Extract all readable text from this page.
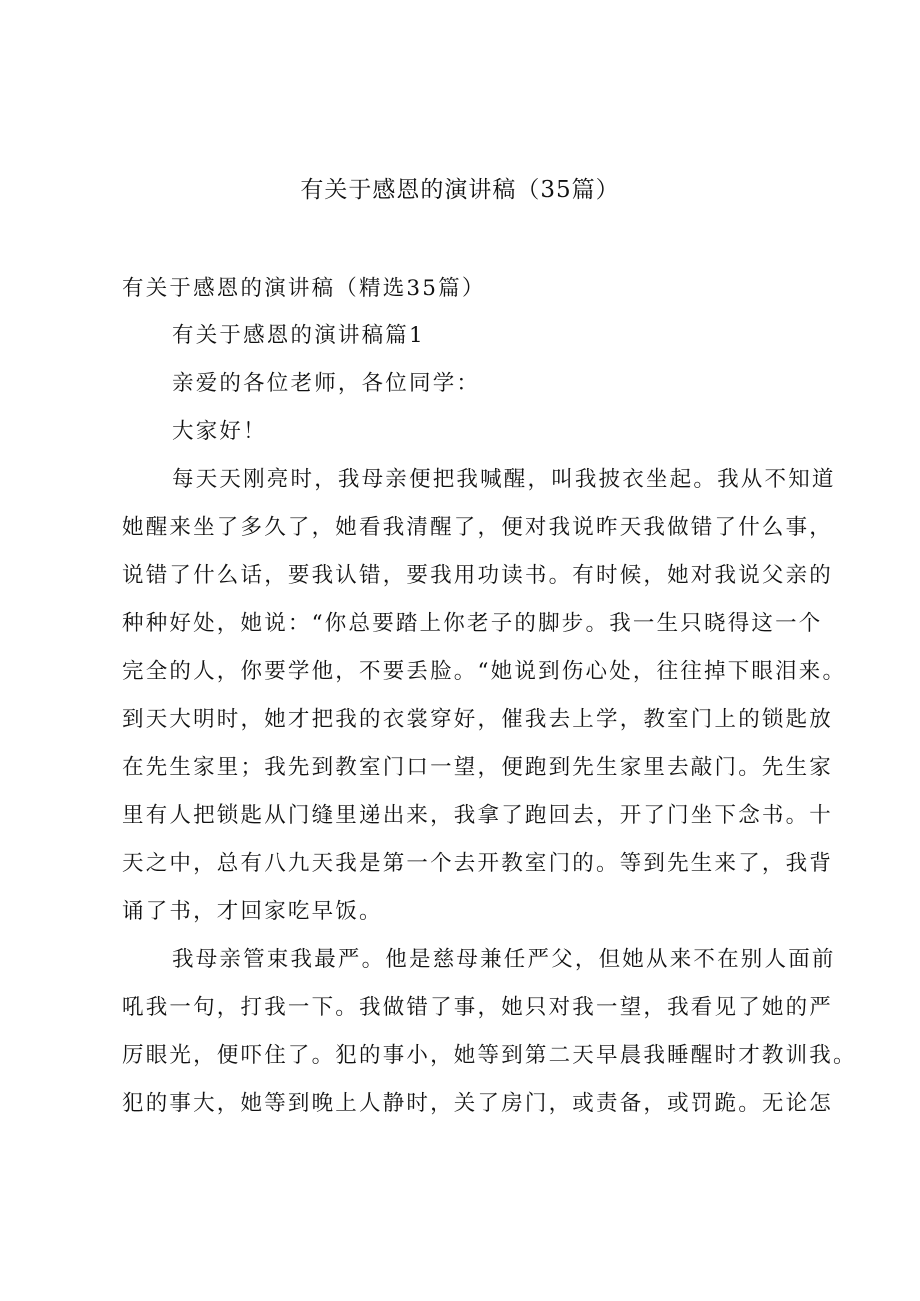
有关于感恩的演讲稿（35篇）
有关于感恩的演讲稿（精选35篇）
有关于感恩的演讲稿篇1
亲爱的各位老师，各位同学：
大家好！
每天天刚亮时，我母亲便把我喊醒，叫我披衣坐起。我从不知道
她醒来坐了多久了，她看我清醒了，便对我说昨天我做错了什么事，
说错了什么话，要我认错，要我用功读书。有时候，她对我说父亲的
种种好处，她说：“你总要踏上你老子的脚步。我一生只晓得这一个
完全的人，你要学他，不要丢脸。“她说到伤心处，往往掉下眼泪来。
到天大明时，她才把我的衣裳穿好，催我去上学，教室门上的锁匙放
在先生家里；我先到教室门口一望，便跑到先生家里去敲门。先生家
里有人把锁匙从门缝里递出来，我拿了跑回去，开了门坐下念书。十
天之中，总有八九天我是第一个去开教室门的。等到先生来了，我背
诵了书，才回家吃早饭。
我母亲管束我最严。他是慈母兼任严父，但她从来不在别人面前
吼我一句，打我一下。我做错了事，她只对我一望，我看见了她的严
厉眼光，便吓住了。犯的事小，她等到第二天早晨我睡醒时才教训我。
犯的事大，她等到晚上人静时，关了房门，或责备，或罚跪。无论怎
